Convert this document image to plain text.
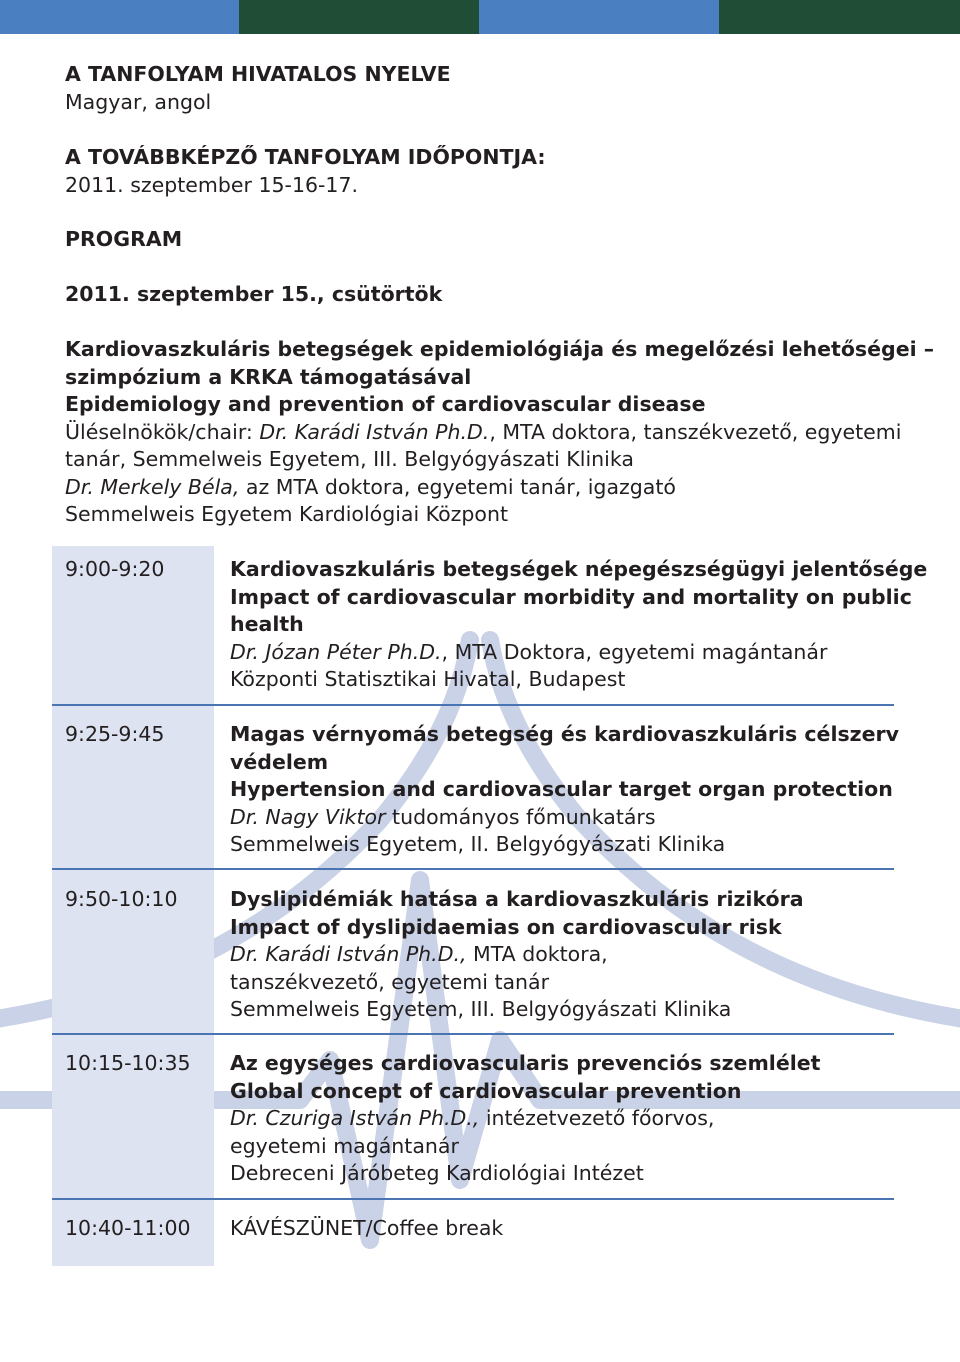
A TANFOLYAM HIVATALOS NYELVE
Magyar, angol

A TOVÁBBKÉPZŐ TANFOLYAM IDŐPONTJA:
2011. szeptember 15-16-17.

PROGRAM

2011. szeptember 15., csütörtök

Kardiovaszkuláris betegségek epidemiológiája és megelőzési lehetőségei –
szimpózium a KRKA támogatásával
Epidemiology and prevention of cardiovascular disease
Üléselnökök/chair: Dr. Karádi István Ph.D., MTA doktora, tanszékvezető, egyetemi
tanár, Semmelweis Egyetem, III. Belgyógyászati Klinika
Dr. Merkely Béla, az MTA doktora, egyetemi tanár, igazgató
Semmelweis Egyetem Kardiológiai Központ

9:00-9:20	Kardiovaszkuláris betegségek népegészségügyi jelentősége
Impact of cardiovascular morbidity and mortality on public
health
Dr. Józan Péter Ph.D., MTA Doktora, egyetemi magántanár
Központi Statisztikai Hivatal, Budapest
9:25-9:45	Magas vérnyomás betegség és kardiovaszkuláris célszerv
védelem
Hypertension and cardiovascular target organ protection
Dr. Nagy Viktor tudományos főmunkatárs
Semmelweis Egyetem, II. Belgyógyászati Klinika
9:50-10:10	Dyslipidémiák hatása a kardiovaszkuláris rizikóra
Impact of dyslipidaemias on cardiovascular risk
Dr. Karádi István Ph.D., MTA doktora,
tanszékvezető, egyetemi tanár
Semmelweis Egyetem, III. Belgyógyászati Klinika
10:15-10:35 Az egységes cardiovascularis prevenciós szemlélet
Global concept of cardiovascular prevention
Dr. Czuriga István Ph.D., intézetvezető főorvos,
egyetemi magántanár
Debreceni Járóbeteg Kardiológiai Intézet
10:40-11:00 KÁVÉSZÜNET/Coffee break
